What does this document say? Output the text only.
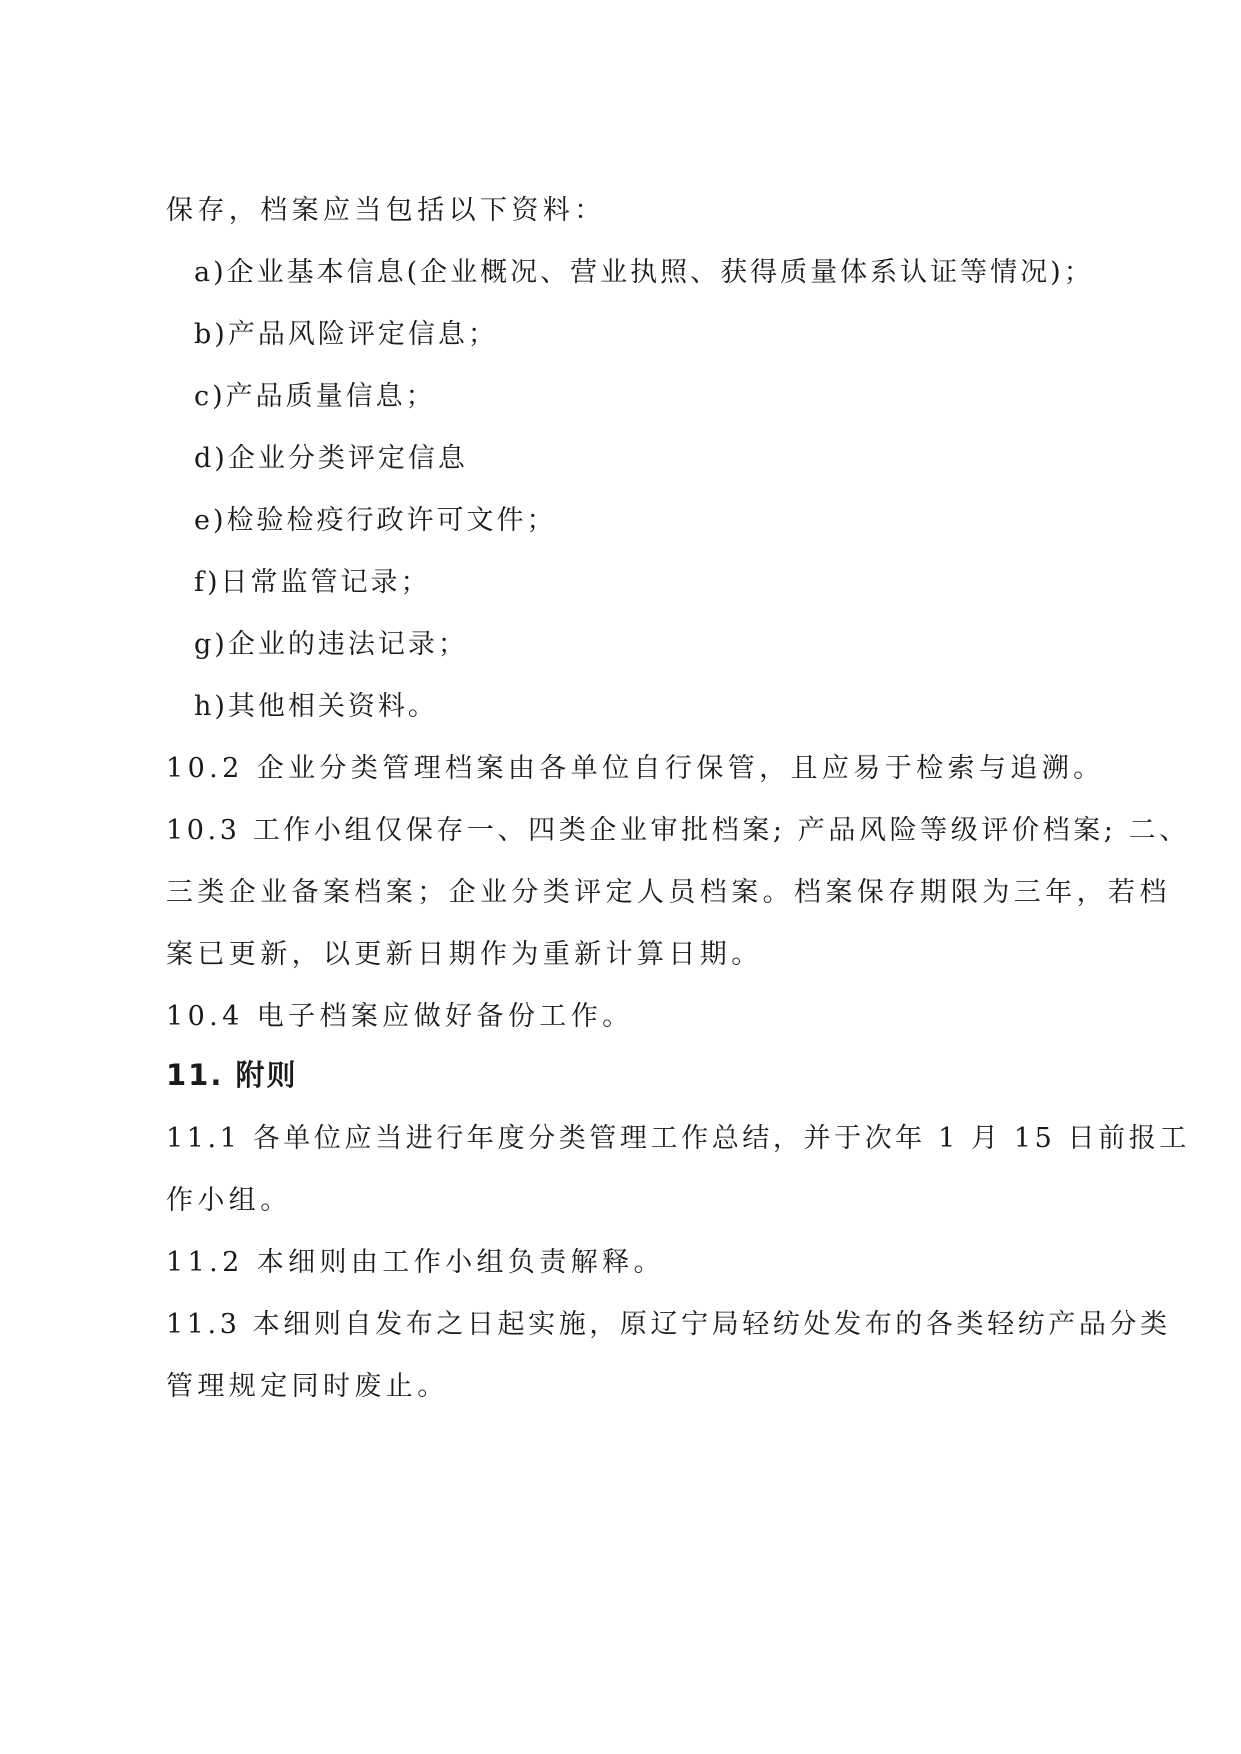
保存，档案应当包括以下资料：
a)企业基本信息(企业概况、营业执照、获得质量体系认证等情况)；
b)产品风险评定信息；
c)产品质量信息；
d)企业分类评定信息
e)检验检疫行政许可文件；
f)日常监管记录；
g)企业的违法记录；
h)其他相关资料。
10.2 企业分类管理档案由各单位自行保管，且应易于检索与追溯。
10.3 工作小组仅保存一、四类企业审批档案; 产品风险等级评价档案; 二、
三类企业备案档案；企业分类评定人员档案。档案保存期限为三年，若档
案已更新，以更新日期作为重新计算日期。
10.4 电子档案应做好备份工作。
11. 附则
11.1 各单位应当进行年度分类管理工作总结，并于次年 1 月 15 日前报工
作小组。
11.2 本细则由工作小组负责解释。
11.3 本细则自发布之日起实施，原辽宁局轻纺处发布的各类轻纺产品分类
管理规定同时废止。
